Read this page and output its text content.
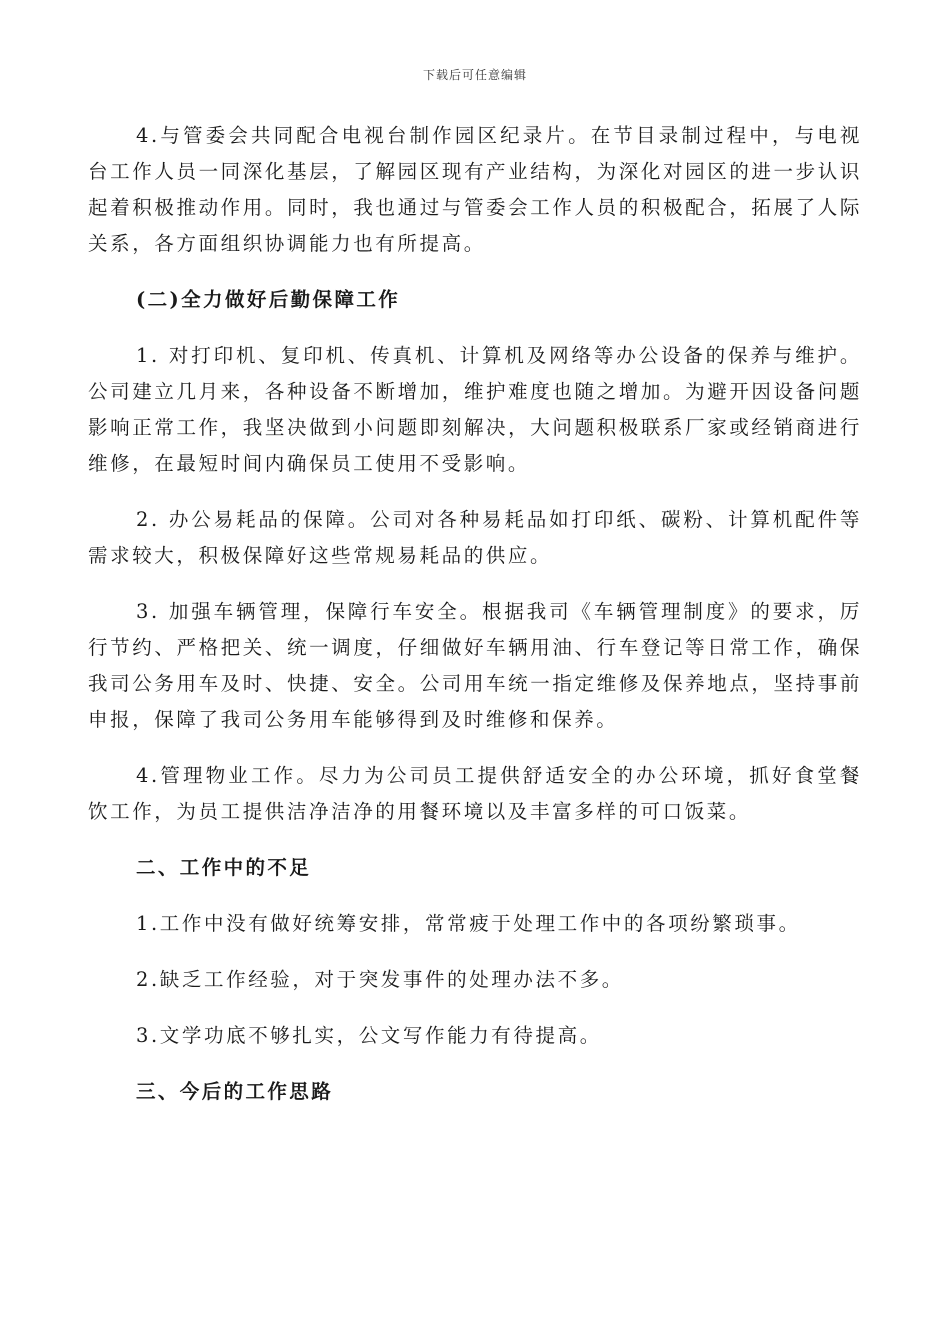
下载后可任意编辑

4.与管委会共同配合电视台制作园区纪录片。在节目录制过程中，与电视台工作人员一同深化基层，了解园区现有产业结构，为深化对园区的进一步认识起着积极推动作用。同时，我也通过与管委会工作人员的积极配合，拓展了人际关系，各方面组织协调能力也有所提高。

(二)全力做好后勤保障工作

1. 对打印机、复印机、传真机、计算机及网络等办公设备的保养与维护。公司建立几月来，各种设备不断增加，维护难度也随之增加。为避开因设备问题影响正常工作，我坚决做到小问题即刻解决，大问题积极联系厂家或经销商进行维修，在最短时间内确保员工使用不受影响。

2. 办公易耗品的保障。公司对各种易耗品如打印纸、碳粉、计算机配件等需求较大，积极保障好这些常规易耗品的供应。

3. 加强车辆管理，保障行车安全。根据我司《车辆管理制度》的要求，厉行节约、严格把关、统一调度，仔细做好车辆用油、行车登记等日常工作，确保我司公务用车及时、快捷、安全。公司用车统一指定维修及保养地点，坚持事前申报，保障了我司公务用车能够得到及时维修和保养。

4.管理物业工作。尽力为公司员工提供舒适安全的办公环境，抓好食堂餐饮工作，为员工提供洁净洁净的用餐环境以及丰富多样的可口饭菜。

二、工作中的不足

1.工作中没有做好统筹安排，常常疲于处理工作中的各项纷繁琐事。

2.缺乏工作经验，对于突发事件的处理办法不多。

3.文学功底不够扎实，公文写作能力有待提高。

三、今后的工作思路
